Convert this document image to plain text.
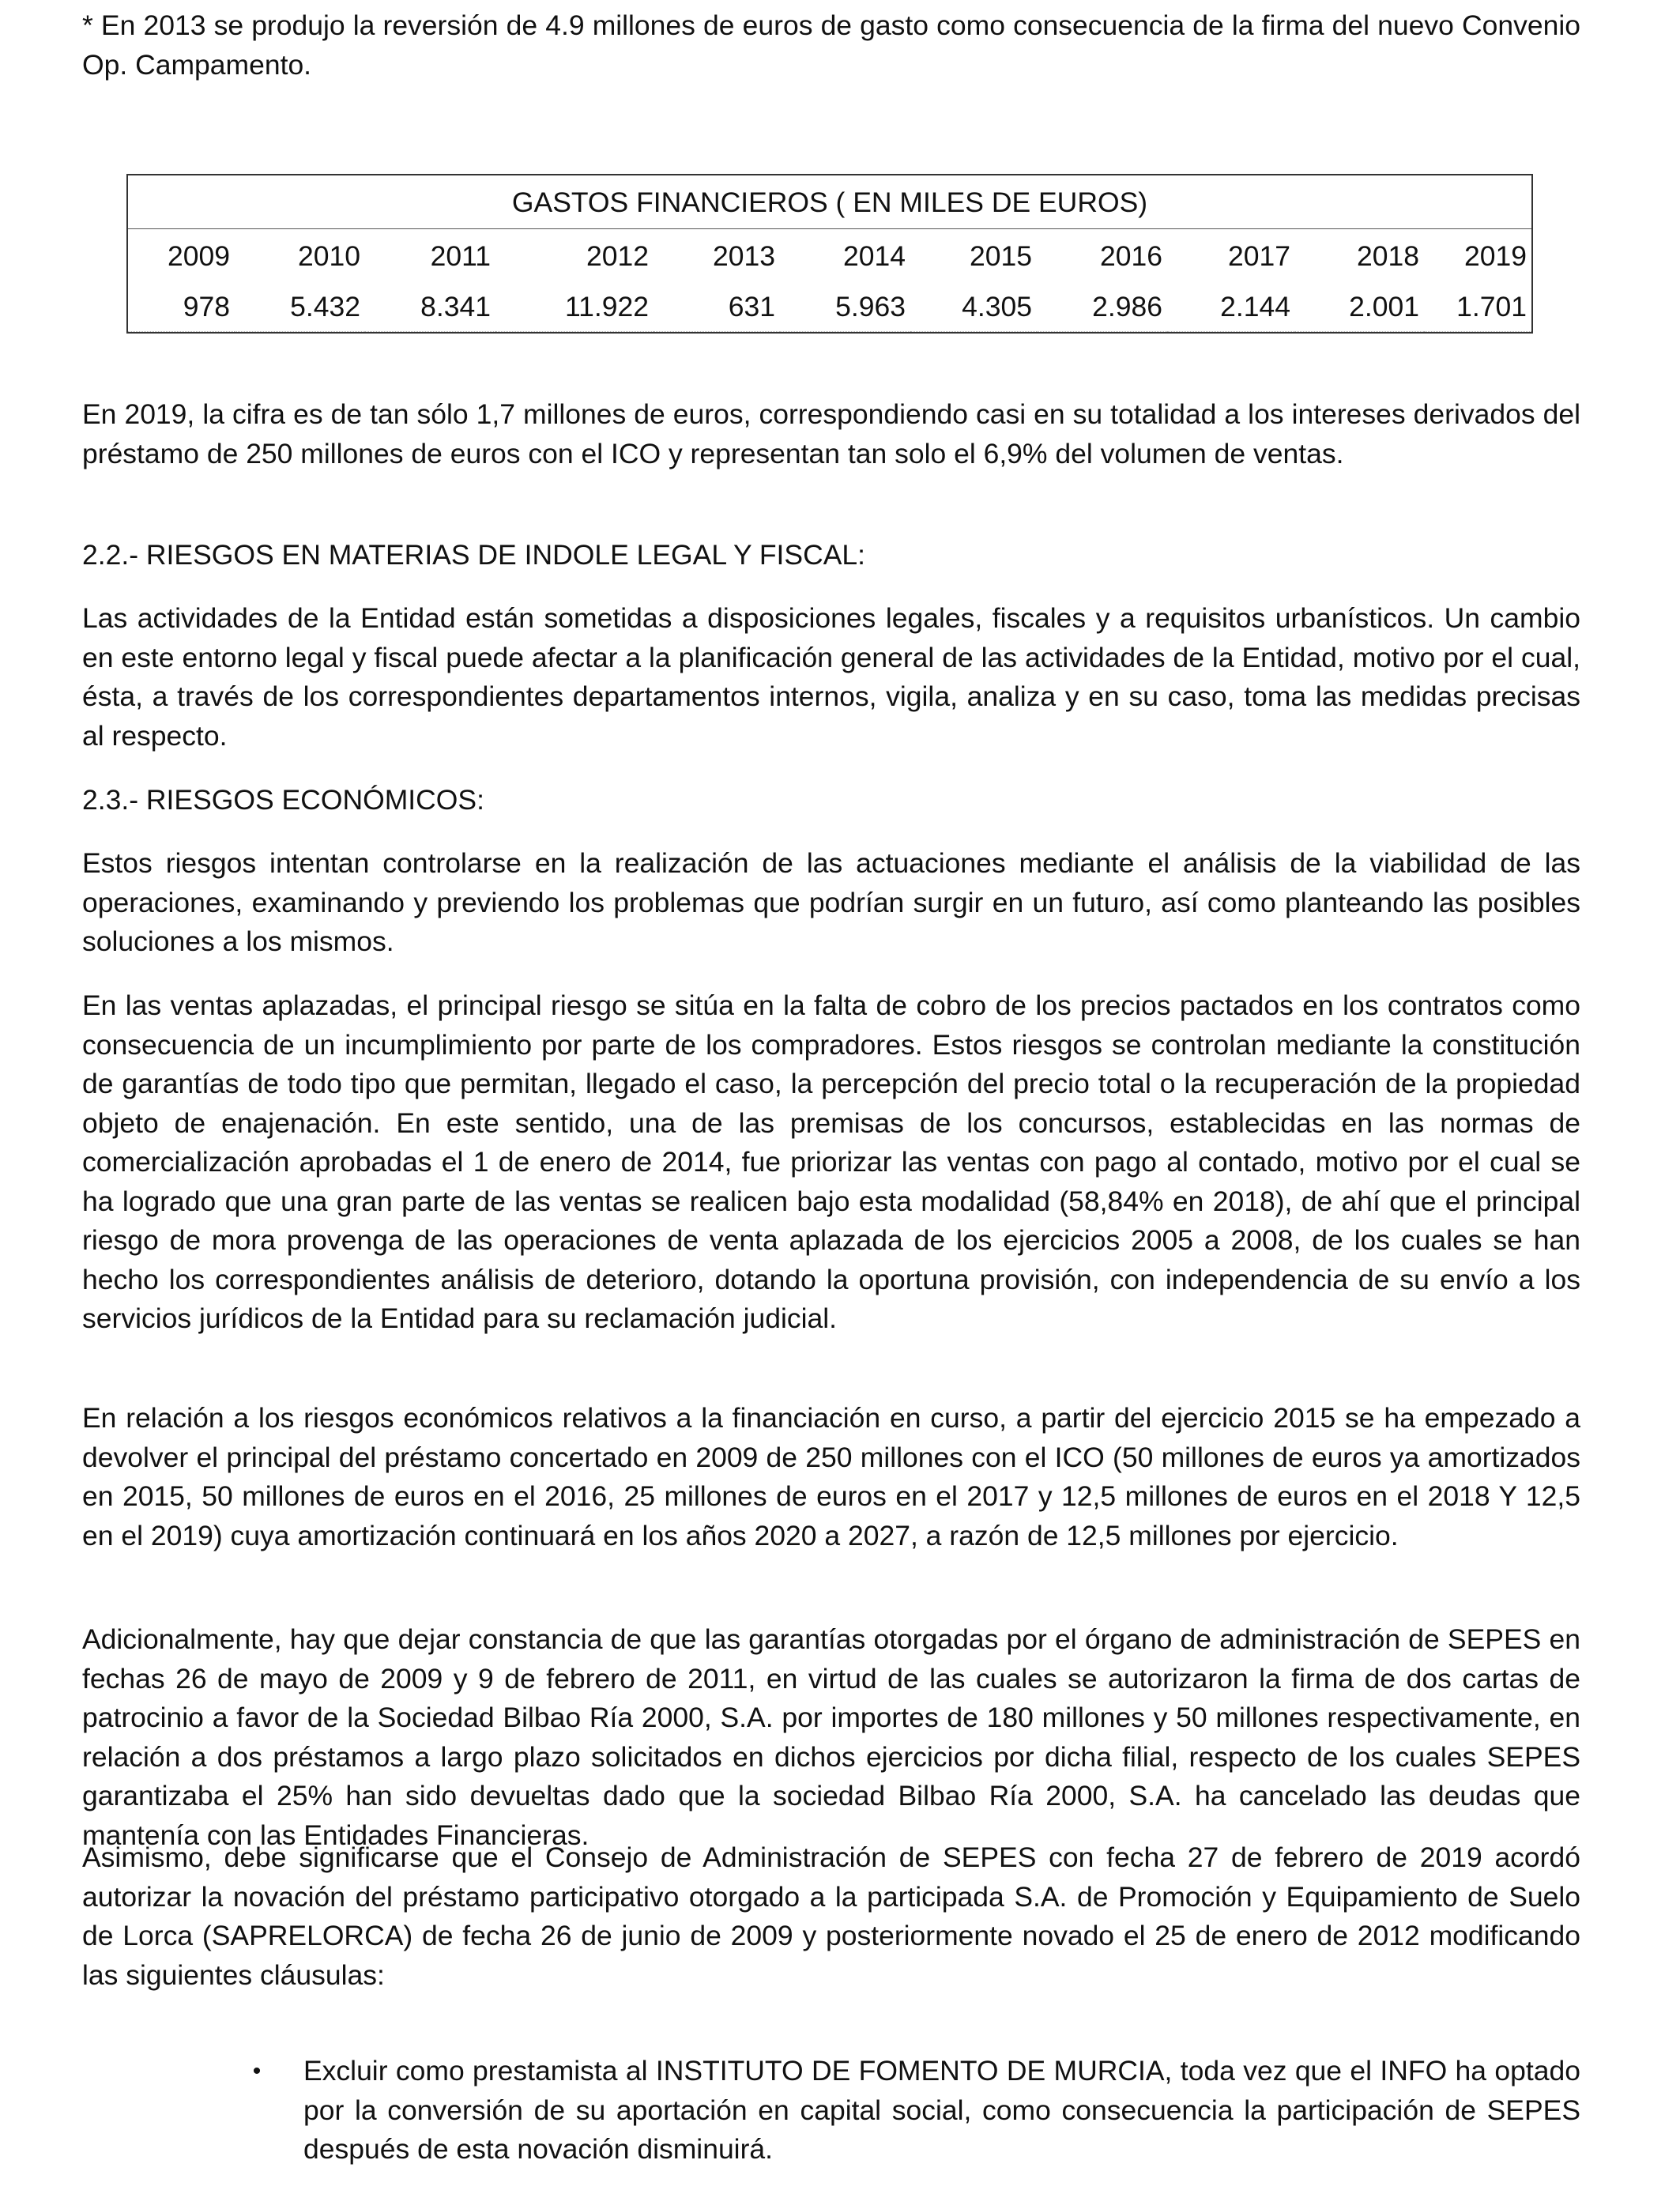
* En 2013 se produjo la reversión de 4.9 millones de euros de gasto como consecuencia de la firma del nuevo Convenio Op. Campamento.

GASTOS FINANCIEROS ( EN MILES DE EUROS)
2009	2010	2011	2012	2013	2014	2015	2016	2017	2018	2019
978	5.432	8.341	11.922	631	5.963	4.305	2.986	2.144	2.001	1.701

En 2019, la cifra es de tan sólo 1,7 millones de euros, correspondiendo casi en su totalidad a los intereses derivados del préstamo de 250 millones de euros con el ICO y representan tan solo el 6,9% del volumen de ventas.

2.2.- RIESGOS EN MATERIAS DE INDOLE LEGAL Y FISCAL:

Las actividades de la Entidad están sometidas a disposiciones legales, fiscales y a requisitos urbanísticos. Un cambio en este entorno legal y fiscal puede afectar a la planificación general de las actividades de la Entidad, motivo por el cual, ésta, a través de los correspondientes departamentos internos, vigila, analiza y en su caso, toma las medidas precisas al respecto.

2.3.- RIESGOS ECONÓMICOS:

Estos riesgos intentan controlarse en la realización de las actuaciones mediante el análisis de la viabilidad de las operaciones, examinando y previendo los problemas que podrían surgir en un futuro, así como planteando las posibles soluciones a los mismos.

En las ventas aplazadas, el principal riesgo se sitúa en la falta de cobro de los precios pactados en los contratos como consecuencia de un incumplimiento por parte de los compradores. Estos riesgos se controlan mediante la constitución de garantías de todo tipo que permitan, llegado el caso, la percepción del precio total o la recuperación de la propiedad objeto de enajenación. En este sentido, una de las premisas de los concursos, establecidas en las normas de comercialización aprobadas el 1 de enero de 2014, fue priorizar las ventas con pago al contado, motivo por el cual se ha logrado que una gran parte de las ventas se realicen bajo esta modalidad (58,84% en 2018), de ahí que el principal riesgo de mora provenga de las operaciones de venta aplazada de los ejercicios 2005 a 2008, de los cuales se han hecho los correspondientes análisis de deterioro, dotando la oportuna provisión, con independencia de su envío a los servicios jurídicos de la Entidad para su reclamación judicial.

En relación a los riesgos económicos relativos a la financiación en curso, a partir del ejercicio 2015 se ha empezado a devolver el principal del préstamo concertado en 2009 de 250 millones con el ICO (50 millones de euros ya amortizados en 2015, 50 millones de euros en el 2016, 25 millones de euros en el 2017 y 12,5 millones de euros en el 2018 Y 12,5 en el 2019) cuya amortización continuará en los años 2020 a 2027, a razón de 12,5 millones por ejercicio.

Adicionalmente, hay que dejar constancia de que las garantías otorgadas por el órgano de administración de SEPES en fechas 26 de mayo de 2009 y 9 de febrero de 2011, en virtud de las cuales se autorizaron la firma de dos cartas de patrocinio a favor de la Sociedad Bilbao Ría 2000, S.A. por importes de 180 millones y 50 millones respectivamente, en relación a dos préstamos a largo plazo solicitados en dichos ejercicios por dicha filial, respecto de los cuales SEPES garantizaba el 25% han sido devueltas dado que la sociedad Bilbao Ría 2000, S.A. ha cancelado las deudas que mantenía con las Entidades Financieras.

Asimismo, debe significarse que el Consejo de Administración de SEPES con fecha 27 de febrero de 2019 acordó autorizar la novación del préstamo participativo otorgado a la participada S.A. de Promoción y Equipamiento de Suelo de Lorca (SAPRELORCA) de fecha 26 de junio de 2009 y posteriormente novado el 25 de enero de 2012 modificando las siguientes cláusulas:

• Excluir como prestamista al INSTITUTO DE FOMENTO DE MURCIA, toda vez que el INFO ha optado por la conversión de su aportación en capital social, como consecuencia la participación de SEPES después de esta novación disminuirá.
